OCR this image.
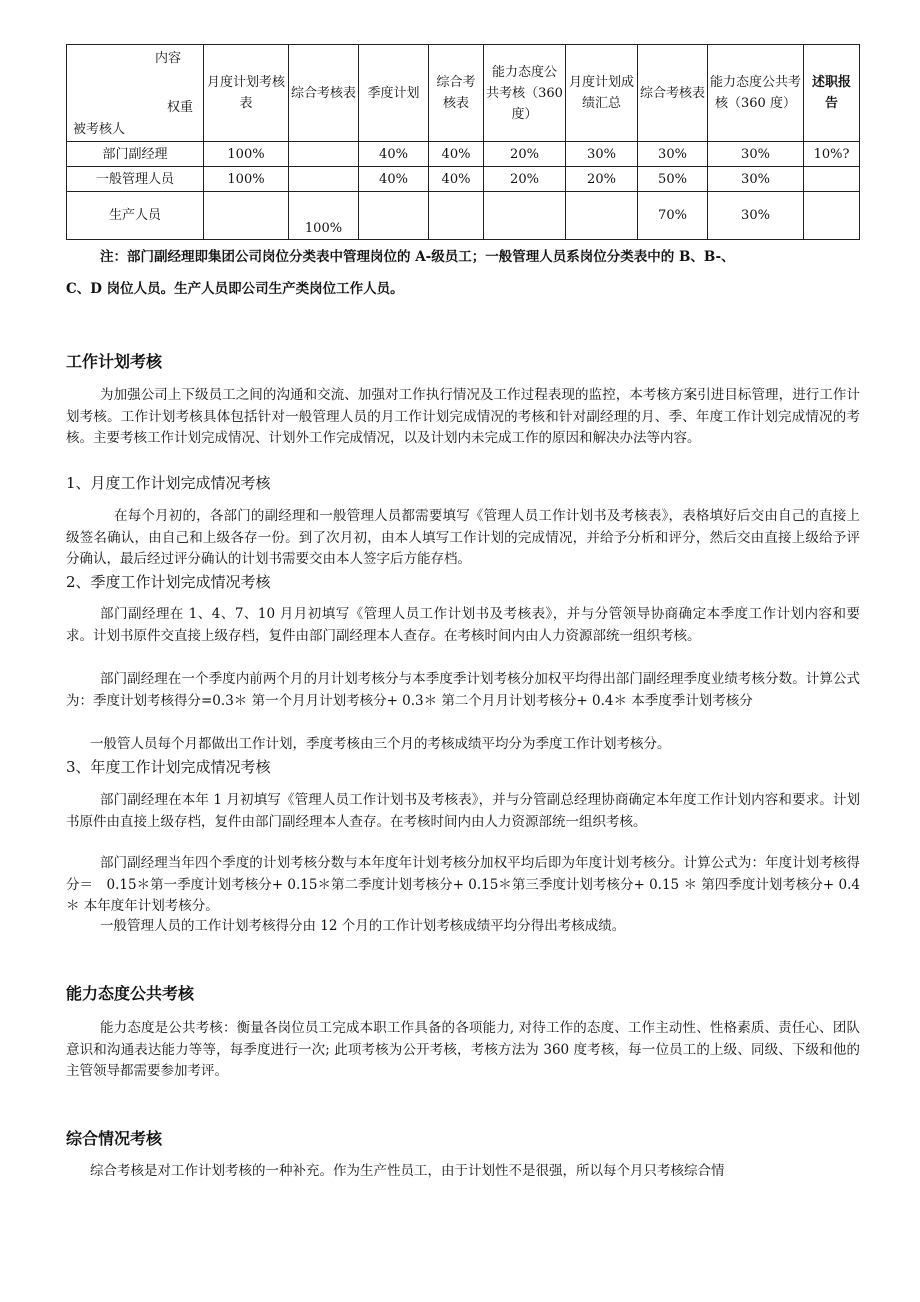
内容
权重
被考核人	月度计划考核表	综合考核表	季度计划	综合考核表	能力态度公共考核（360 度）	月度计划成绩汇总	综合考核表	能力态度公共考核（360 度）	述职报告
部门副经理	100%		40%	40%	20%	30%	30%	30%	10%?
一般管理人员	100%		40%	40%	20%	20%	50%	30%	
生产人员		100%					70%	30%	
注：部门副经理即集团公司岗位分类表中管理岗位的 A-级员工；一般管理人员系岗位分类表中的 B、B-、
C、D 岗位人员。生产人员即公司生产类岗位工作人员。
工作计划考核

为加强公司上下级员工之间的沟通和交流、加强对工作执行情况及工作过程表现的监控，本考核方案引进目标管理，进行工作计划考核。工作计划考核具体包括针对一般管理人员的月工作计划完成情况的考核和针对副经理的月、季、年度工作计划完成情况的考核。主要考核工作计划完成情况、计划外工作完成情况，以及计划内未完成工作的原因和解决办法等内容。

1、月度工作计划完成情况考核

在每个月初的，各部门的副经理和一般管理人员都需要填写《管理人员工作计划书及考核表》，表格填好后交由自己的直接上级签名确认，由自己和上级各存一份。到了次月初，由本人填写工作计划的完成情况，并给予分析和评分，然后交由直接上级给予评分确认，最后经过评分确认的计划书需要交由本人签字后方能存档。

2、季度工作计划完成情况考核

部门副经理在 1、4、7、10 月月初填写《管理人员工作计划书及考核表》，并与分管领导协商确定本季度工作计划内容和要求。计划书原件交直接上级存档，复件由部门副经理本人查存。在考核时间内由人力资源部统一组织考核。

部门副经理在一个季度内前两个月的月计划考核分与本季度季计划考核分加权平均得出部门副经理季度业绩考核分数。计算公式为：季度计划考核得分=0.3＊ 第一个月月计划考核分+ 0.3＊ 第二个月月计划考核分+ 0.4＊ 本季度季计划考核分

一般管人员每个月都做出工作计划，季度考核由三个月的考核成绩平均分为季度工作计划考核分。

3、年度工作计划完成情况考核

部门副经理在本年 1 月初填写《管理人员工作计划书及考核表》，并与分管副总经理协商确定本年度工作计划内容和要求。计划书原件由直接上级存档，复件由部门副经理本人查存。在考核时间内由人力资源部统一组织考核。

部门副经理当年四个季度的计划考核分数与本年度年计划考核分加权平均后即为年度计划考核分。计算公式为：年度计划考核得分＝　0.15＊第一季度计划考核分+ 0.15＊第二季度计划考核分+ 0.15＊第三季度计划考核分+ 0.15 ＊ 第四季度计划考核分+ 0.4　＊ 本年度年计划考核分。

一般管理人员的工作计划考核得分由 12 个月的工作计划考核成绩平均分得出考核成绩。

能力态度公共考核

能力态度是公共考核：衡量各岗位员工完成本职工作具备的各项能力, 对待工作的态度、工作主动性、性格素质、责任心、团队意识和沟通表达能力等等，每季度进行一次; 此项考核为公开考核，考核方法为 360 度考核，每一位员工的上级、同级、下级和他的主管领导都需要参加考评。

综合情况考核

综合考核是对工作计划考核的一种补充。作为生产性员工，由于计划性不是很强，所以每个月只考核综合情
